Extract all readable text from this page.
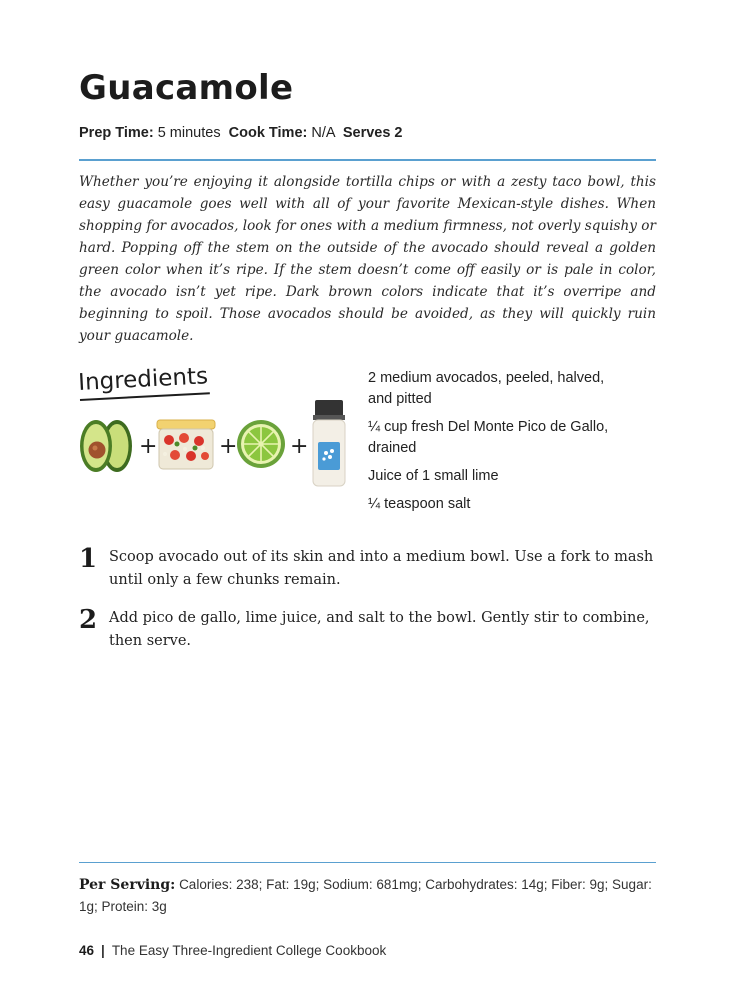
Guacamole
Prep Time: 5 minutes Cook Time: N/A Serves 2

Whether you’re enjoying it alongside tortilla chips or with a zesty taco bowl, this easy guacamole goes well with all of your favorite Mexican-style dishes. When shopping for avocados, look for ones with a medium firmness, not overly squishy or hard. Popping off the stem on the outside of the avocado should reveal a golden green color when it’s ripe. If the stem doesn’t come off easily or is pale in color, the avocado isn’t yet ripe. Dark brown colors indicate that it’s overripe and beginning to spoil. Those avocados should be avoided, as they will quickly ruin your guacamole.

Ingredients
+	+ +
2 medium avocados, peeled, halved, and pitted
¼ cup fresh Del Monte Pico de Gallo, drained
Juice of 1 small lime
¼ teaspoon salt
1 Scoop avocado out of its skin and into a medium bowl. Use a fork to mash until only a few chunks remain.
2 Add pico de gallo, lime juice, and salt to the bowl. Gently stir to combine, then serve.
Per Serving: Calories: 238; Fat: 19g; Sodium: 681mg; Carbohydrates: 14g; Fiber: 9g; Sugar: 1g; Protein: 3g
46 | The Easy Three-Ingredient College Cookbook
